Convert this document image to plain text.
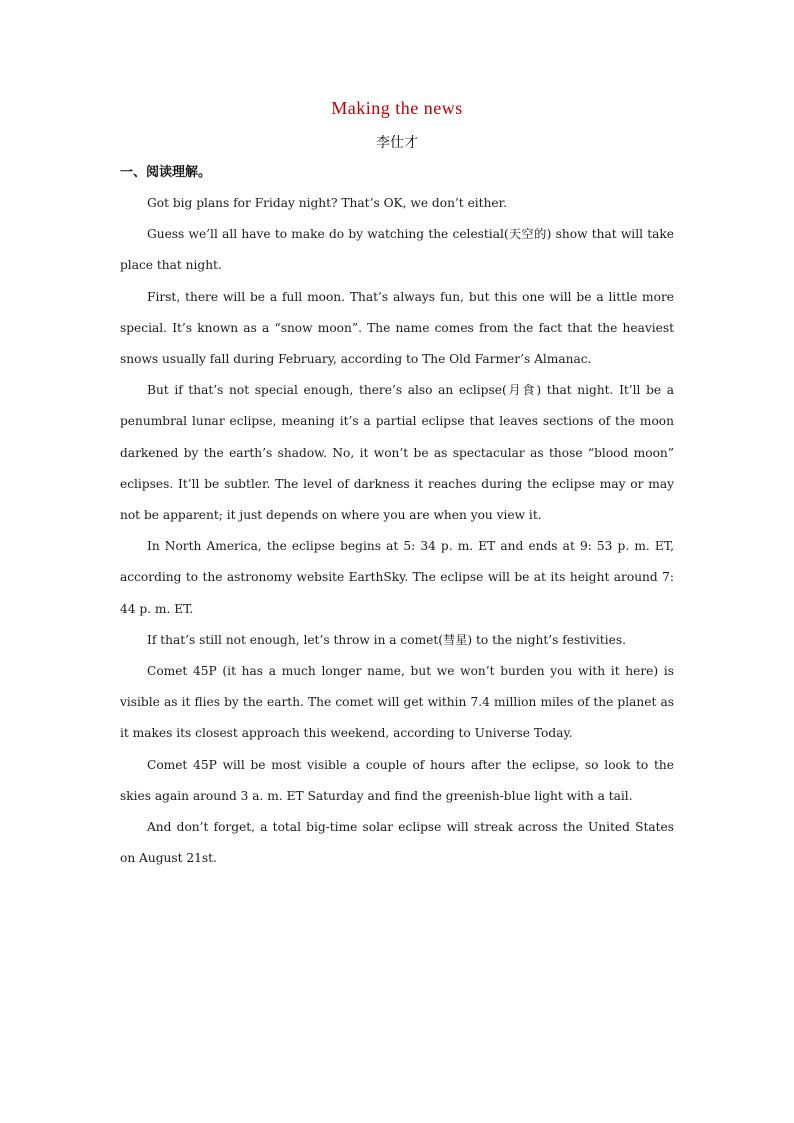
Making the news
李仕才
一、阅读理解。

Got big plans for Friday night? That’s OK, we don’t either.

Guess we’ll all have to make do by watching the celestial(天空的) show that will take place that night.

First, there will be a full moon. That’s always fun, but this one will be a little more special. It’s known as a “snow moon”. The name comes from the fact that the heaviest snows usually fall during February, according to The Old Farmer’s Almanac.

But if that’s not special enough, there’s also an eclipse(月食) that night. It’ll be a penumbral lunar eclipse, meaning it’s a partial eclipse that leaves sections of the moon darkened by the earth’s shadow. No, it won’t be as spectacular as those “blood moon” eclipses. It’ll be subtler. The level of darkness it reaches during the eclipse may or may not be apparent; it just depends on where you are when you view it.

In North America, the eclipse begins at 5: 34 p. m. ET and ends at 9: 53 p. m. ET, according to the astronomy website EarthSky. The eclipse will be at its height around 7: 44 p. m. ET.

If that’s still not enough, let’s throw in a comet(彗星) to the night’s festivities.

Comet 45P (it has a much longer name, but we won’t burden you with it here) is visible as it flies by the earth. The comet will get within 7.4 million miles of the planet as it makes its closest approach this weekend, according to Universe Today.

Comet 45P will be most visible a couple of hours after the eclipse, so look to the skies again around 3 a. m. ET Saturday and find the greenish-blue light with a tail.

And don’t forget, a total big-time solar eclipse will streak across the United States on August 21st.
